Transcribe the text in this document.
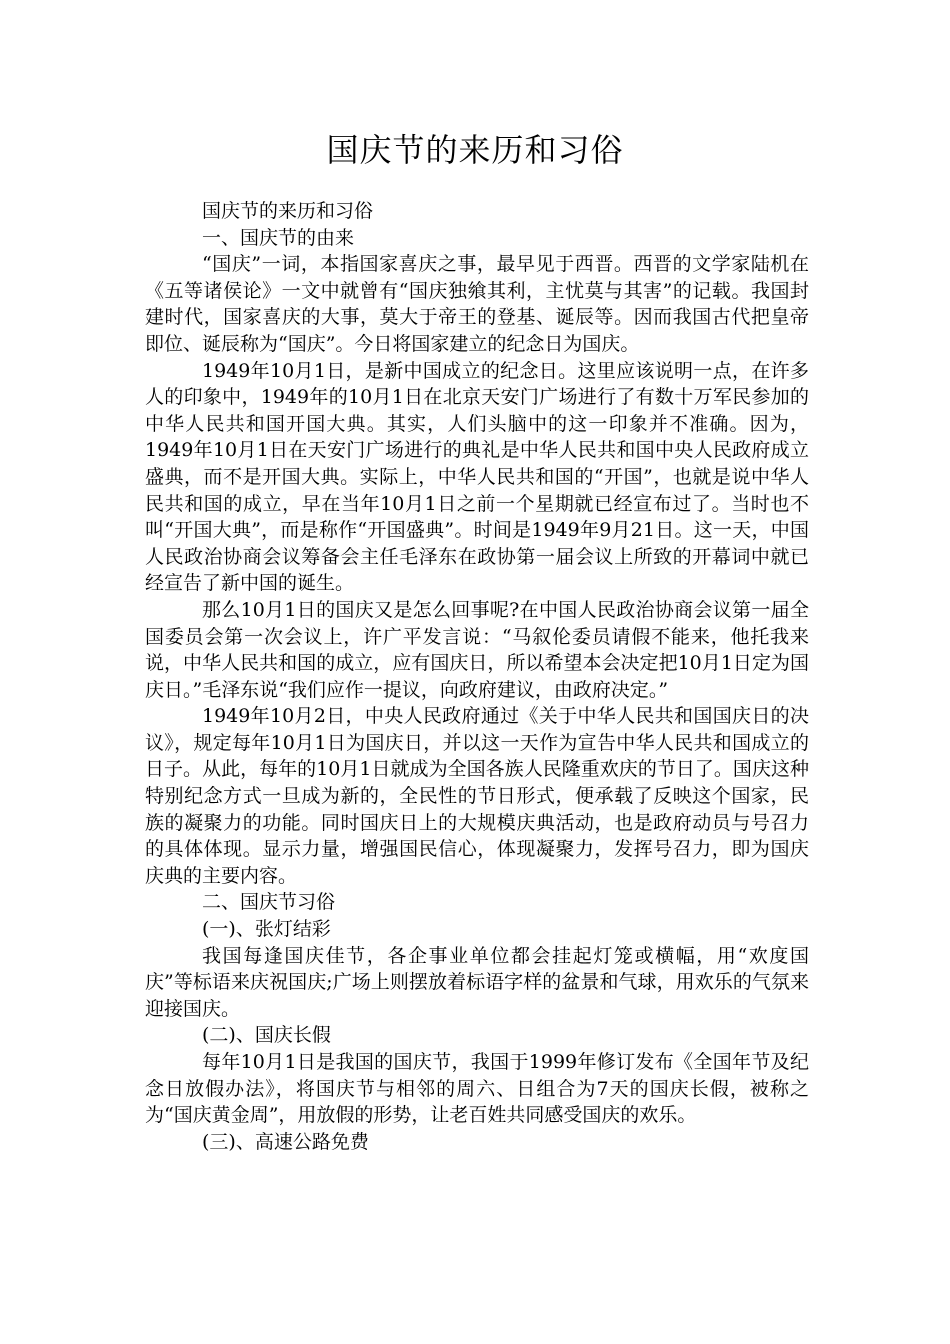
国庆节的来历和习俗

国庆节的来历和习俗

一、国庆节的由来

“国庆”一词，本指国家喜庆之事，最早见于西晋。西晋的文学家陆机在《五等诸侯论》一文中就曾有“国庆独飨其利，主忧莫与其害”的记载。我国封建时代，国家喜庆的大事，莫大于帝王的登基、诞辰等。因而我国古代把皇帝即位、诞辰称为“国庆”。今日将国家建立的纪念日为国庆。

1949年10月1日，是新中国成立的纪念日。这里应该说明一点，在许多人的印象中，1949年的10月1日在北京天安门广场进行了有数十万军民参加的中华人民共和国开国大典。其实，人们头脑中的这一印象并不准确。因为，1949年10月1日在天安门广场进行的典礼是中华人民共和国中央人民政府成立盛典，而不是开国大典。实际上，中华人民共和国的“开国”，也就是说中华人民共和国的成立，早在当年10月1日之前一个星期就已经宣布过了。当时也不叫“开国大典”，而是称作“开国盛典”。时间是1949年9月21日。这一天，中国人民政治协商会议筹备会主任毛泽东在政协第一届会议上所致的开幕词中就已经宣告了新中国的诞生。

那么10月1日的国庆又是怎么回事呢?在中国人民政治协商会议第一届全国委员会第一次会议上，许广平发言说：“马叙伦委员请假不能来，他托我来说，中华人民共和国的成立，应有国庆日，所以希望本会决定把10月1日定为国庆日。”毛泽东说“我们应作一提议，向政府建议，由政府决定。”

1949年10月2日，中央人民政府通过《关于中华人民共和国国庆日的决议》，规定每年10月1日为国庆日，并以这一天作为宣告中华人民共和国成立的日子。从此，每年的10月1日就成为全国各族人民隆重欢庆的节日了。国庆这种特别纪念方式一旦成为新的，全民性的节日形式，便承载了反映这个国家，民族的凝聚力的功能。同时国庆日上的大规模庆典活动，也是政府动员与号召力的具体体现。显示力量，增强国民信心，体现凝聚力，发挥号召力，即为国庆庆典的主要内容。

二、国庆节习俗

(一)、张灯结彩

我国每逢国庆佳节，各企事业单位都会挂起灯笼或横幅，用“欢度国庆”等标语来庆祝国庆;广场上则摆放着标语字样的盆景和气球，用欢乐的气氛来迎接国庆。

(二)、国庆长假

每年10月1日是我国的国庆节，我国于1999年修订发布《全国年节及纪念日放假办法》，将国庆节与相邻的周六、日组合为7天的国庆长假，被称之为“国庆黄金周”，用放假的形势，让老百姓共同感受国庆的欢乐。

(三)、高速公路免费
